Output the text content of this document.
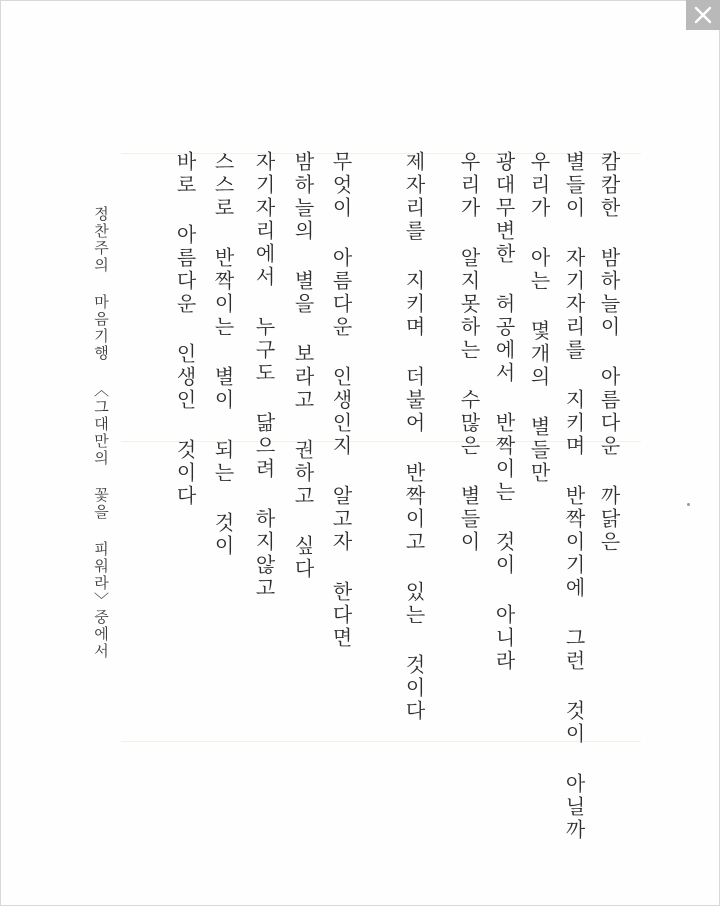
캄캄한 밤하늘이 아름다운 까닭은
별들이 자기자리를 지키며 반짝이기에 그런 것이 아닐까
우리가 아는 몇개의 별들만
광대무변한 허공에서 반짝이는 것이 아니라
우리가 알지못하는 수많은 별들이
제자리를 지키며 더불어 반짝이고 있는 것이다
무엇이 아름다운 인생인지 알고자 한다면
밤하늘의 별을 보라고 권하고 싶다
자기자리에서 누구도 닮으려 하지않고
스스로 반짝이는 별이 되는 것이
바로 아름다운 인생인 것이다
정찬주의 마음기행 〈그대만의 꽃을 피워라〉중에서
